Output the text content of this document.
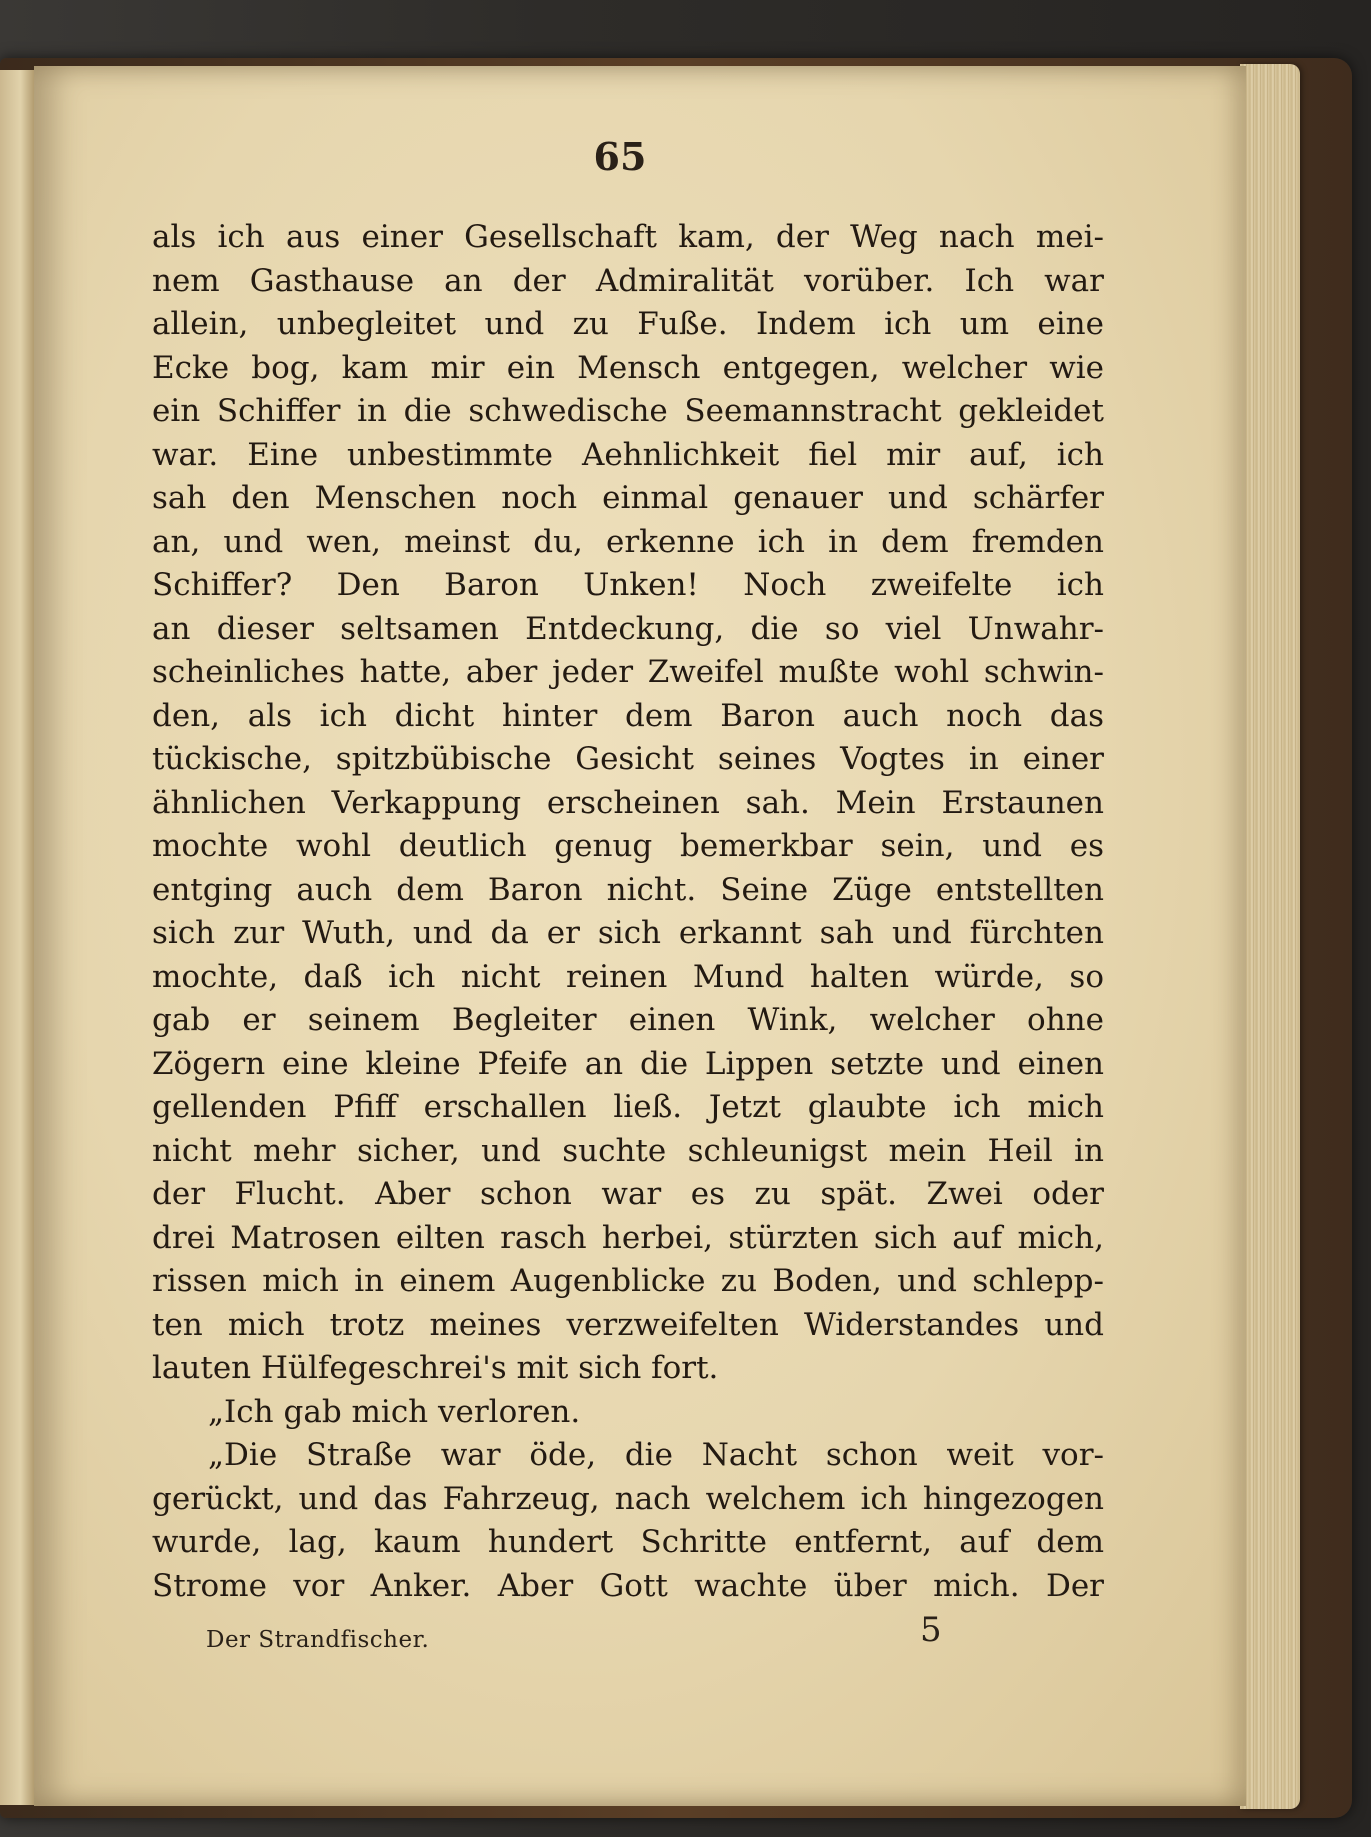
65
als ich aus einer Gesellschaft kam, der Weg nach mei-
nem Gasthause an der Admiralität vorüber. Ich war
allein, unbegleitet und zu Fuße. Indem ich um eine
Ecke bog, kam mir ein Mensch entgegen, welcher wie
ein Schiffer in die schwedische Seemannstracht gekleidet
war. Eine unbestimmte Aehnlichkeit fiel mir auf, ich
sah den Menschen noch einmal genauer und schärfer
an, und wen, meinst du, erkenne ich in dem fremden
Schiffer? Den Baron Unken! Noch zweifelte ich
an dieser seltsamen Entdeckung, die so viel Unwahr-
scheinliches hatte, aber jeder Zweifel mußte wohl schwin-
den, als ich dicht hinter dem Baron auch noch das
tückische, spitzbübische Gesicht seines Vogtes in einer
ähnlichen Verkappung erscheinen sah. Mein Erstaunen
mochte wohl deutlich genug bemerkbar sein, und es
entging auch dem Baron nicht. Seine Züge entstellten
sich zur Wuth, und da er sich erkannt sah und fürchten
mochte, daß ich nicht reinen Mund halten würde, so
gab er seinem Begleiter einen Wink, welcher ohne
Zögern eine kleine Pfeife an die Lippen setzte und einen
gellenden Pfiff erschallen ließ. Jetzt glaubte ich mich
nicht mehr sicher, und suchte schleunigst mein Heil in
der Flucht. Aber schon war es zu spät. Zwei oder
drei Matrosen eilten rasch herbei, stürzten sich auf mich,
rissen mich in einem Augenblicke zu Boden, und schlepp-
ten mich trotz meines verzweifelten Widerstandes und
lauten Hülfegeschrei's mit sich fort.
„Ich gab mich verloren.
„Die Straße war öde, die Nacht schon weit vor-
gerückt, und das Fahrzeug, nach welchem ich hingezogen
wurde, lag, kaum hundert Schritte entfernt, auf dem
Strome vor Anker. Aber Gott wachte über mich. Der
Der Strandfischer.	5
